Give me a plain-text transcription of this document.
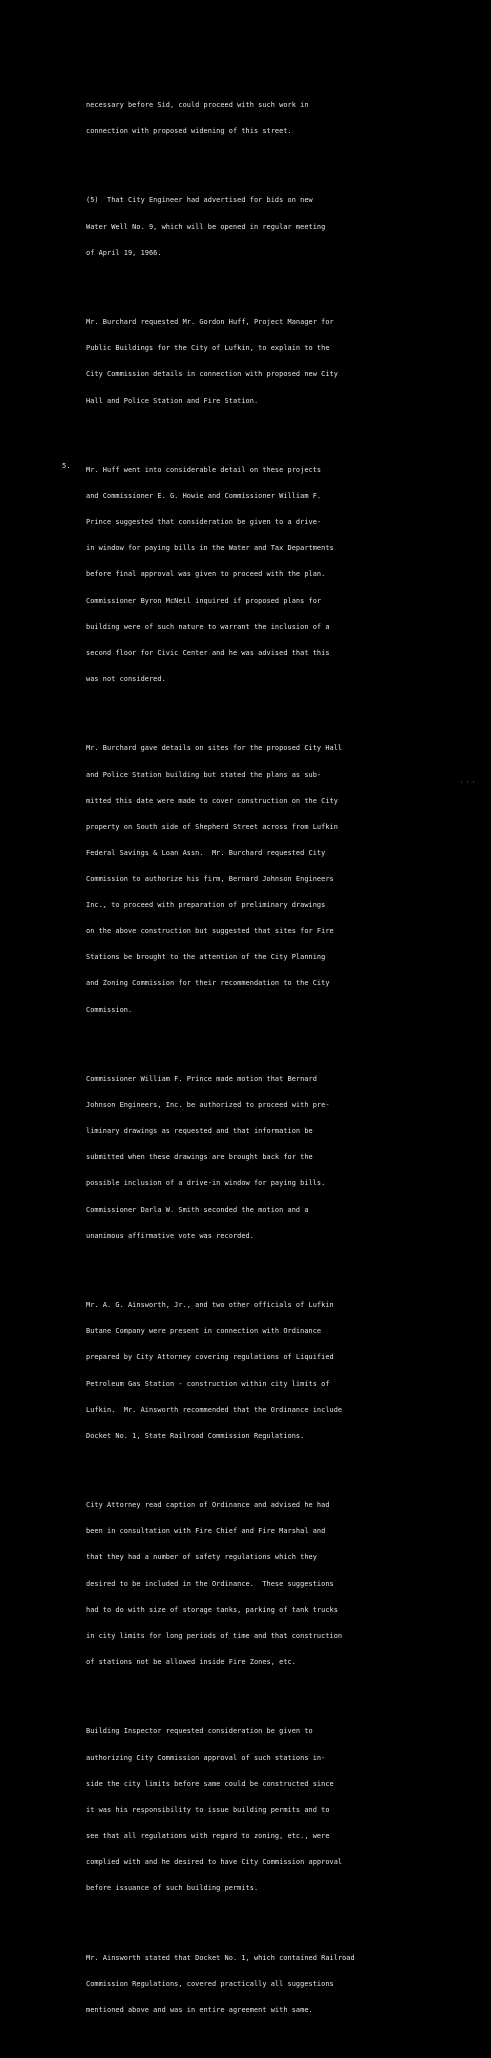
necessary before Sid, could proceed with such work in

connection with proposed widening of this street.

(5)  That City Engineer had advertised for bids on new

Water Well No. 9, which will be opened in regular meeting

of April 19, 1966.

Mr. Burchard requested Mr. Gordon Huff, Project Manager for

Public Buildings for the City of Lufkin, to explain to the

City Commission details in connection with proposed new City

Hall and Police Station and Fire Station.

Mr. Huff went into considerable detail on these projects

and Commissioner E. G. Howie and Commissioner William F.

Prince suggested that consideration be given to a drive-

in window for paying bills in the Water and Tax Departments

before final approval was given to proceed with the plan.

Commissioner Byron McNeil inquired if proposed plans for

building were of such nature to warrant the inclusion of a

second floor for Civic Center and he was advised that this

was not considered.

Mr. Burchard gave details on sites for the proposed City Hall

and Police Station building but stated the plans as sub-

mitted this date were made to cover construction on the City

property on South side of Shepherd Street across from Lufkin

Federal Savings & Loan Assn.  Mr. Burchard requested City

Commission to authorize his firm, Bernard Johnson Engineers

Inc., to proceed with preparation of preliminary drawings

on the above construction but suggested that sites for Fire

Stations be brought to the attention of the City Planning

and Zoning Commission for their recommendation to the City

Commission.

Commissioner William F. Prince made motion that Bernard

Johnson Engineers, Inc. be authorized to proceed with pre-

liminary drawings as requested and that information be

submitted when these drawings are brought back for the

possible inclusion of a drive-in window for paying bills.

Commissioner Darla W. Smith seconded the motion and a

unanimous affirmative vote was recorded.

Mr. A. G. Ainsworth, Jr., and two other officials of Lufkin

Butane Company were present in connection with Ordinance

prepared by City Attorney covering regulations of Liquified

Petroleum Gas Station - construction within city limits of

Lufkin.  Mr. Ainsworth recommended that the Ordinance include

Docket No. 1, State Railroad Commission Regulations.

City Attorney read caption of Ordinance and advised he had

been in consultation with Fire Chief and Fire Marshal and

that they had a number of safety regulations which they

desired to be included in the Ordinance.  These suggestions

had to do with size of storage tanks, parking of tank trucks

in city limits for long periods of time and that construction

of stations not be allowed inside Fire Zones, etc.

Building Inspector requested consideration be given to

authorizing City Commission approval of such stations in-

side the city limits before same could be constructed since

it was his responsibility to issue building permits and to

see that all regulations with regard to zoning, etc., were

complied with and he desired to have City Commission approval

before issuance of such building permits.

Mr. Ainsworth stated that Docket No. 1, which contained Railroad

Commission Regulations, covered practically all suggestions

mentioned above and was in entire agreement with same.

5.
· · ·
